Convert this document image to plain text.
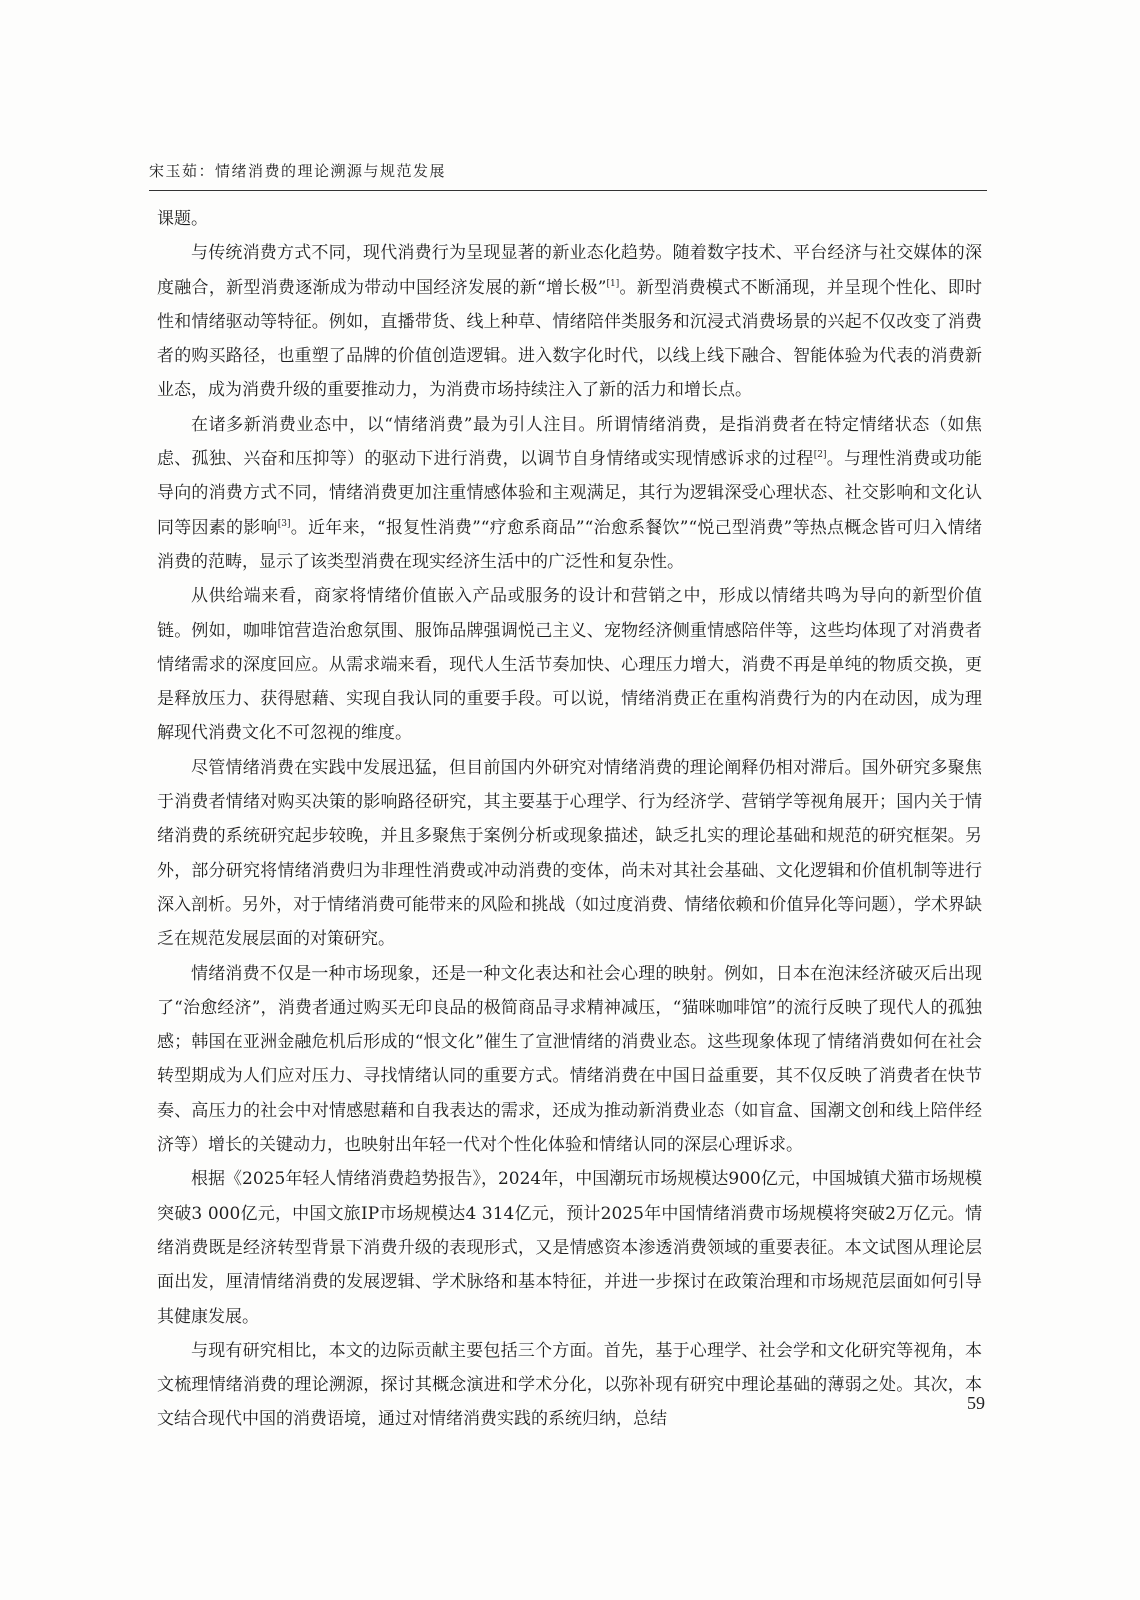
宋玉茹：情绪消费的理论溯源与规范发展

课题。

与传统消费方式不同，现代消费行为呈现显著的新业态化趋势。随着数字技术、平台经济与社交媒体的深度融合，新型消费逐渐成为带动中国经济发展的新“增长极”[1]。新型消费模式不断涌现，并呈现个性化、即时性和情绪驱动等特征。例如，直播带货、线上种草、情绪陪伴类服务和沉浸式消费场景的兴起不仅改变了消费者的购买路径，也重塑了品牌的价值创造逻辑。进入数字化时代，以线上线下融合、智能体验为代表的消费新业态，成为消费升级的重要推动力，为消费市场持续注入了新的活力和增长点。

在诸多新消费业态中，以“情绪消费”最为引人注目。所谓情绪消费，是指消费者在特定情绪状态（如焦虑、孤独、兴奋和压抑等）的驱动下进行消费，以调节自身情绪或实现情感诉求的过程[2]。与理性消费或功能导向的消费方式不同，情绪消费更加注重情感体验和主观满足，其行为逻辑深受心理状态、社交影响和文化认同等因素的影响[3]。近年来，“报复性消费”“疗愈系商品”“治愈系餐饮”“悦己型消费”等热点概念皆可归入情绪消费的范畴，显示了该类型消费在现实经济生活中的广泛性和复杂性。

从供给端来看，商家将情绪价值嵌入产品或服务的设计和营销之中，形成以情绪共鸣为导向的新型价值链。例如，咖啡馆营造治愈氛围、服饰品牌强调悦己主义、宠物经济侧重情感陪伴等，这些均体现了对消费者情绪需求的深度回应。从需求端来看，现代人生活节奏加快、心理压力增大，消费不再是单纯的物质交换，更是释放压力、获得慰藉、实现自我认同的重要手段。可以说，情绪消费正在重构消费行为的内在动因，成为理解现代消费文化不可忽视的维度。

尽管情绪消费在实践中发展迅猛，但目前国内外研究对情绪消费的理论阐释仍相对滞后。国外研究多聚焦于消费者情绪对购买决策的影响路径研究，其主要基于心理学、行为经济学、营销学等视角展开；国内关于情绪消费的系统研究起步较晚，并且多聚焦于案例分析或现象描述，缺乏扎实的理论基础和规范的研究框架。另外，部分研究将情绪消费归为非理性消费或冲动消费的变体，尚未对其社会基础、文化逻辑和价值机制等进行深入剖析。另外，对于情绪消费可能带来的风险和挑战（如过度消费、情绪依赖和价值异化等问题），学术界缺乏在规范发展层面的对策研究。

情绪消费不仅是一种市场现象，还是一种文化表达和社会心理的映射。例如，日本在泡沫经济破灭后出现了“治愈经济”，消费者通过购买无印良品的极简商品寻求精神减压，“猫咪咖啡馆”的流行反映了现代人的孤独感；韩国在亚洲金融危机后形成的“恨文化”催生了宣泄情绪的消费业态。这些现象体现了情绪消费如何在社会转型期成为人们应对压力、寻找情绪认同的重要方式。情绪消费在中国日益重要，其不仅反映了消费者在快节奏、高压力的社会中对情感慰藉和自我表达的需求，还成为推动新消费业态（如盲盒、国潮文创和线上陪伴经济等）增长的关键动力，也映射出年轻一代对个性化体验和情绪认同的深层心理诉求。

根据《2025年轻人情绪消费趋势报告》，2024年，中国潮玩市场规模达900亿元，中国城镇犬猫市场规模突破3 000亿元，中国文旅IP市场规模达4 314亿元，预计2025年中国情绪消费市场规模将突破2万亿元。情绪消费既是经济转型背景下消费升级的表现形式，又是情感资本渗透消费领域的重要表征。本文试图从理论层面出发，厘清情绪消费的发展逻辑、学术脉络和基本特征，并进一步探讨在政策治理和市场规范层面如何引导其健康发展。

与现有研究相比，本文的边际贡献主要包括三个方面。首先，基于心理学、社会学和文化研究等视角，本文梳理情绪消费的理论溯源，探讨其概念演进和学术分化，以弥补现有研究中理论基础的薄弱之处。其次，本文结合现代中国的消费语境，通过对情绪消费实践的系统归纳，总结

59
